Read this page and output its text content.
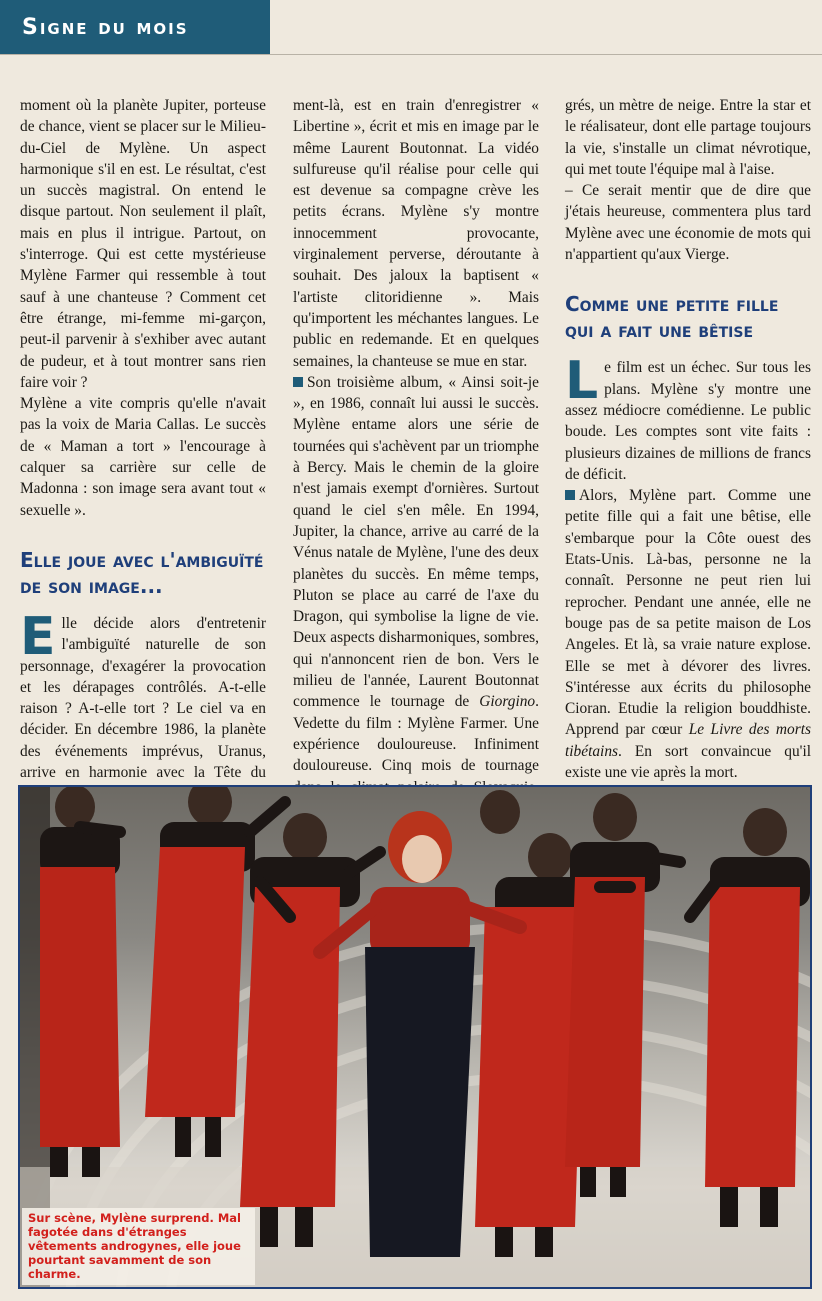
Signe du mois

moment où la planète Jupiter, porteuse de chance, vient se placer sur le Milieu-du-Ciel de Mylène. Un aspect harmonique s'il en est. Le résultat, c'est un succès magistral. On entend le disque partout. Non seulement il plaît, mais en plus il intrigue. Partout, on s'interroge. Qui est cette mystérieuse Mylène Farmer qui ressemble à tout sauf à une chanteuse ? Comment cet être étrange, mi-femme mi-garçon, peut-il parvenir à s'exhiber avec autant de pudeur, et à tout montrer sans rien faire voir ?

Mylène a vite compris qu'elle n'avait pas la voix de Maria Callas. Le succès de « Maman a tort » l'encourage à calquer sa carrière sur celle de Madonna : son image sera avant tout « sexuelle ».

Elle joue avec l'ambiguïté de son image...

Elle décide alors d'entretenir l'ambiguïté naturelle de son personnage, d'exagérer la provocation et les dérapages contrôlés. A-t-elle raison ? A-t-elle tort ? Le ciel va en décider. En décembre 1986, la planète des événements imprévus, Uranus, arrive en harmonie avec la Tête du

ment-là, est en train d'enregistrer « Libertine », écrit et mis en image par le même Laurent Boutonnat. La vidéo sulfureuse qu'il réalise pour celle qui est devenue sa compagne crève les petits écrans. Mylène s'y montre innocemment provocante, virginalement perverse, déroutante à souhait. Des jaloux la baptisent « l'artiste clitoridienne ». Mais qu'importent les méchantes langues. Le public en redemande. Et en quelques semaines, la chanteuse se mue en star.

Son troisième album, « Ainsi soit-je », en 1986, connaît lui aussi le succès. Mylène entame alors une série de tournées qui s'achèvent par un triomphe à Bercy. Mais le chemin de la gloire n'est jamais exempt d'ornières. Surtout quand le ciel s'en mêle. En 1994, Jupiter, la chance, arrive au carré de la Vénus natale de Mylène, l'une des deux planètes du succès. En même temps, Pluton se place au carré de l'axe du Dragon, qui symbolise la ligne de vie. Deux aspects disharmoniques, sombres, qui n'annoncent rien de bon. Vers le milieu de l'année, Laurent Boutonnat commence le tournage de Giorgino. Vedette du film : Mylène Farmer. Une expérience douloureuse. Infiniment douloureuse. Cinq mois de tournage

grés, un mètre de neige. Entre la star et le réalisateur, dont elle partage toujours la vie, s'installe un climat névrotique, qui met toute l'équipe mal à l'aise.

– Ce serait mentir que de dire que j'étais heureuse, commentera plus tard Mylène avec une économie de mots qui n'appartient qu'aux Vierge.

Comme une petite fille qui a fait une bêtise

Le film est un échec. Sur tous les plans. Mylène s'y montre une assez médiocre comédienne. Le public boude. Les comptes sont vite faits : plusieurs dizaines de millions de francs de déficit.

Alors, Mylène part. Comme une petite fille qui a fait une bêtise, elle s'embarque pour la Côte ouest des Etats-Unis. Là-bas, personne ne la connaît. Personne ne peut rien lui reprocher. Pendant une année, elle ne bouge pas de sa petite maison de Los Angeles. Et là, sa vraie nature explose. Elle se met à dévorer des livres. S'intéresse aux écrits du philosophe Cioran. Etudie la religion bouddhiste. Apprend par cœur Le Livre des morts tibétains. En sort convaincue qu'il existe une vie après la mort.

Sur scène, Mylène surprend. Mal fagotée dans d'étranges vêtements androgynes, elle joue pourtant savamment de son charme.
